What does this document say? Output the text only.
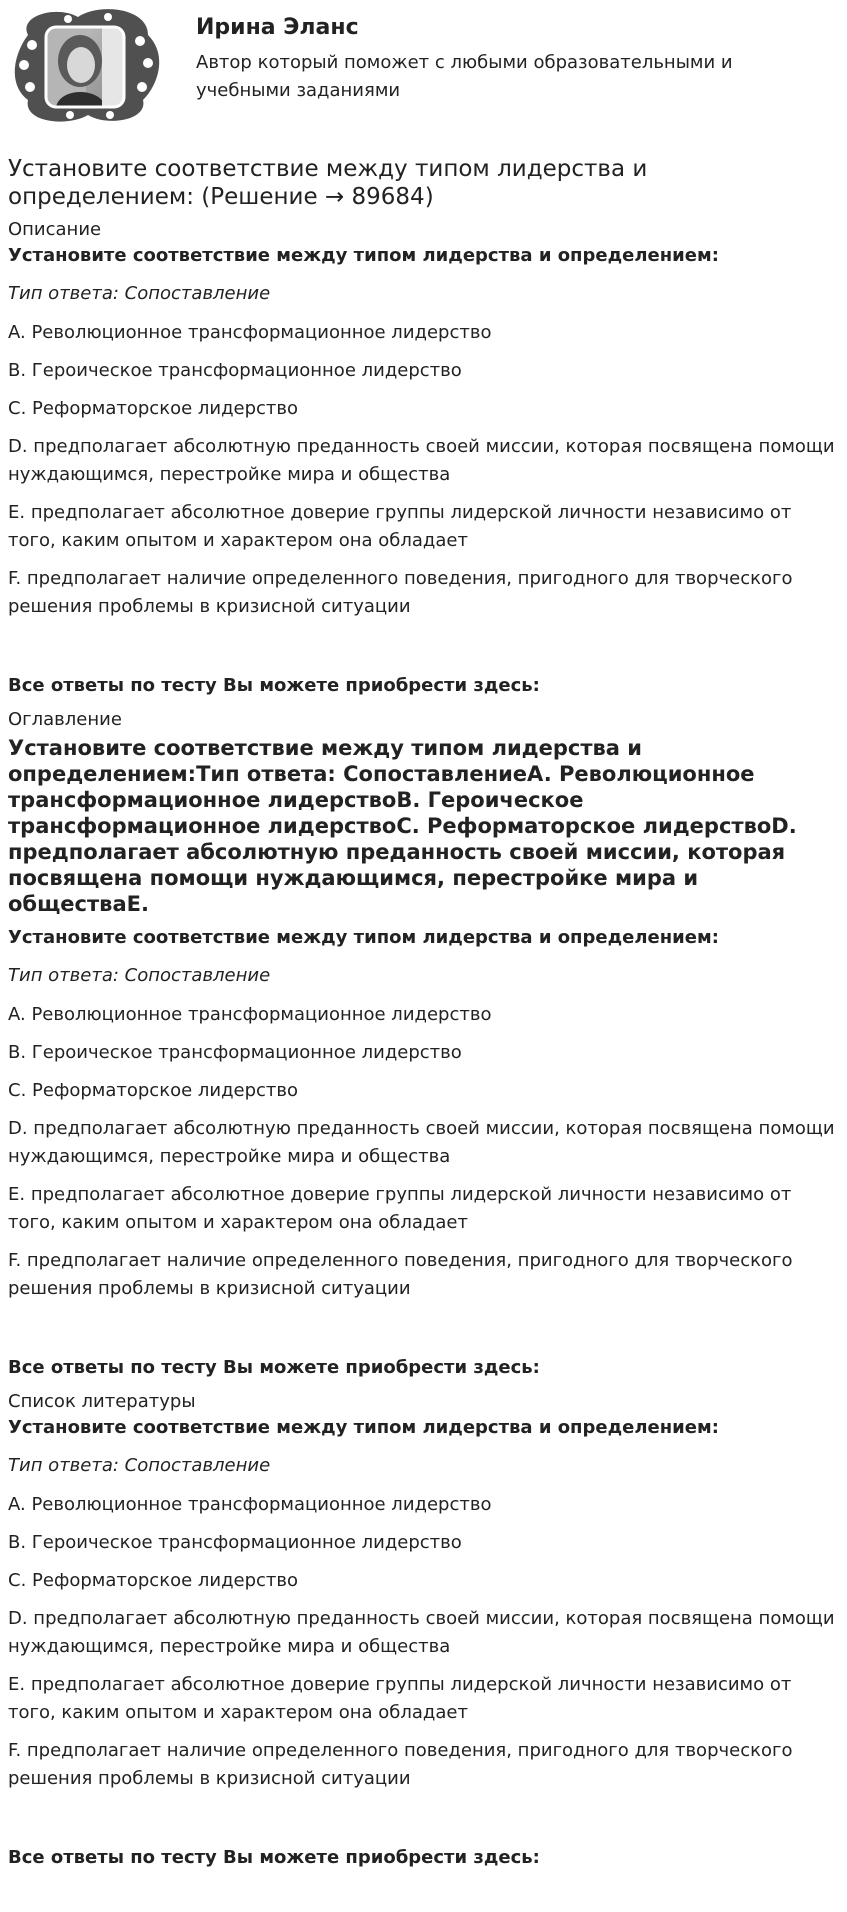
Ирина Эланс
Автор который поможет с любыми образовательными и учебными заданиями
Установите соответствие между типом лидерства и определением: (Решение → 89684)
Описание
Установите соответствие между типом лидерства и определением:
Тип ответа: Сопоставление
A. Революционное трансформационное лидерство
B. Героическое трансформационное лидерство
C. Реформаторское лидерство
D. предполагает абсолютную преданность своей миссии, которая посвящена помощи нуждающимся, перестройке мира и общества
E. предполагает абсолютное доверие группы лидерской личности независимо от того, каким опытом и характером она обладает
F. предполагает наличие определенного поведения, пригодного для творческого решения проблемы в кризисной ситуации
Все ответы по тесту Вы можете приобрести здесь:
Оглавление
Установите соответствие между типом лидерства и определением:Тип ответа: СопоставлениеA. Революционное трансформационное лидерствоB. Героическое трансформационное лидерствоC. Реформаторское лидерствоD. предполагает абсолютную преданность своей миссии, которая посвящена помощи нуждающимся, перестройке мира и обществаE.
Установите соответствие между типом лидерства и определением:
Тип ответа: Сопоставление
A. Революционное трансформационное лидерство
B. Героическое трансформационное лидерство
C. Реформаторское лидерство
D. предполагает абсолютную преданность своей миссии, которая посвящена помощи нуждающимся, перестройке мира и общества
E. предполагает абсолютное доверие группы лидерской личности независимо от того, каким опытом и характером она обладает
F. предполагает наличие определенного поведения, пригодного для творческого решения проблемы в кризисной ситуации
Все ответы по тесту Вы можете приобрести здесь:
Список литературы
Установите соответствие между типом лидерства и определением:
Тип ответа: Сопоставление
A. Революционное трансформационное лидерство
B. Героическое трансформационное лидерство
C. Реформаторское лидерство
D. предполагает абсолютную преданность своей миссии, которая посвящена помощи нуждающимся, перестройке мира и общества
E. предполагает абсолютное доверие группы лидерской личности независимо от того, каким опытом и характером она обладает
F. предполагает наличие определенного поведения, пригодного для творческого решения проблемы в кризисной ситуации
Все ответы по тесту Вы можете приобрести здесь:
